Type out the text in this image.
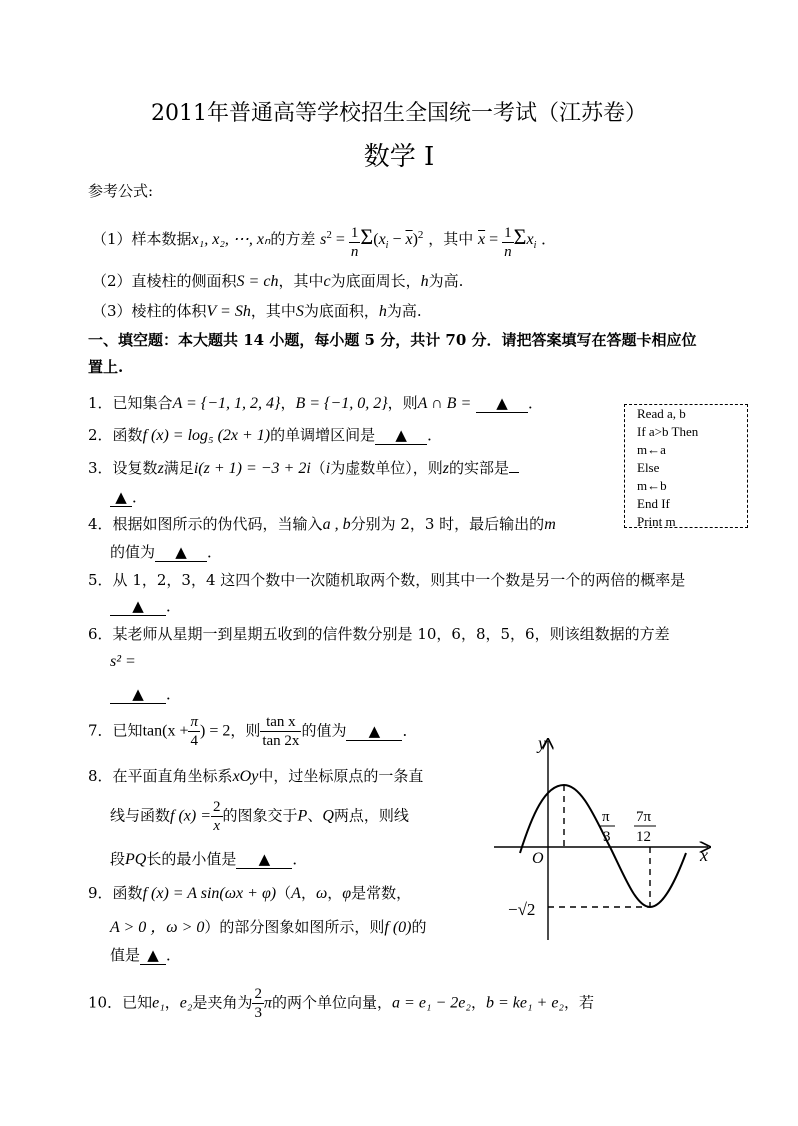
2011年普通高等学校招生全国统一考试（江苏卷）
数学 Ⅰ
参考公式:
（1）样本数据x₁, x₂, ⋯, xₙ的方差 $s^2 = \frac{1}{n} \Sigma(x_i - \overline{x})^2$ ，其中 $\overline{x} = \frac{1}{n} \Sigma x_i$ ．
（2）直棱柱的侧面积S = ch，其中c为底面周长，h为高.
（3）棱柱的体积V = Sh，其中S为底面积，h为高.
一、填空题：本大题共 14 小题，每小题 5 分，共计 70 分．请把答案填写在答题卡相应位
置上.
1．已知集合A = {−1, 1, 2, 4}，B = {−1, 0, 2}，则A ∩ B = ▲ ．
2．函数f (x) = log₅ (2x + 1)的单调增区间是 ▲ ．
3．设复数z满足i(z + 1) = −3 + 2i（i为虚数单位），则z的实部是
▲ ．
4．根据如图所示的伪代码，当输入a , b分别为 2，3 时，最后输出的m
的值为 ▲ ．
5．从 1，2，3，4 这四个数中一次随机取两个数，则其中一个数是另一个的两倍的概率是
▲ ．
6．某老师从星期一到星期五收到的信件数分别是 10，6，8，5，6，则该组数据的方差
s² =
▲ ．
7．已知$\tan(x + \frac{\pi}{4}$ ) = 2，则 $\frac{\text{tan x}}{\tan 2x}$ 的值为 ▲ ．
8．在平面直角坐标系xOy中，过坐标原点的一条直
线与函数f $(x) = \frac{2}{x}$ 的图象交于P、Q两点，则线
段PQ长的最小值是 ▲ ．
9．函数f (x) = A sin(ωx + φ)（A，ω，φ是常数，
A > 0 ，ω > 0）的部分图象如图所示，则f (0)的
值是 ▲ ．
10．已知e₁，e₂是夹角为 $\frac{2}{3}$ π的两个单位向量，a = e₁ − 2e₂，b = ke₁ + e₂，若
Read a, b
If a>b Then
m←a
Else
m←b
End If
Print m
y
x
O
π
3
7π
12
−√2
